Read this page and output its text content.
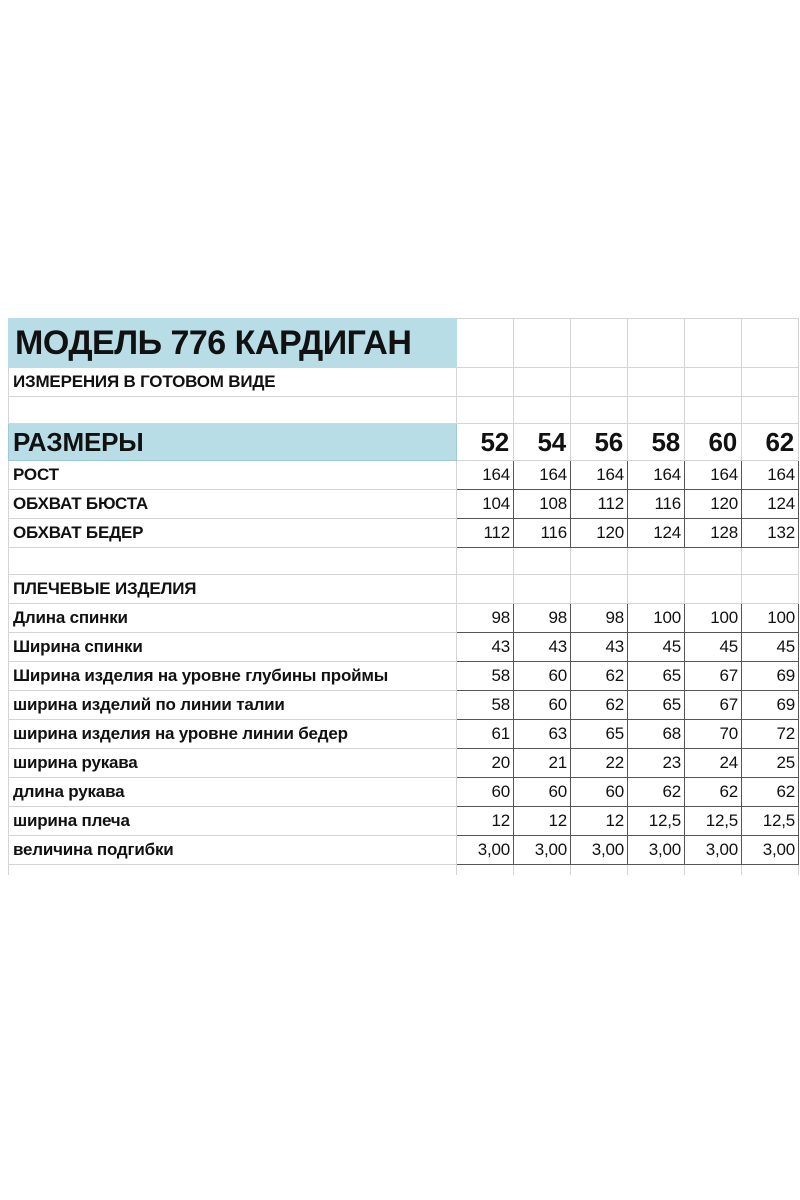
МОДЕЛЬ 776 КАРДИГАН						
ИЗМЕРЕНИЯ В ГОТОВОМ ВИДЕ						

РАЗМЕРЫ	52	54	56	58	60	62
РОСТ	164	164	164	164	164	164
ОБХВАТ БЮСТА	104	108	112	116	120	124
ОБХВАТ БЕДЕР	112	116	120	124	128	132

ПЛЕЧЕВЫЕ ИЗДЕЛИЯ						
Длина спинки	98	98	98	100	100	100
Ширина спинки	43	43	43	45	45	45
Ширина изделия на уровне глубины проймы	58	60	62	65	67	69
ширина изделий по линии талии	58	60	62	65	67	69
ширина изделия на уровне линии бедер	61	63	65	68	70	72
ширина рукава	20	21	22	23	24	25
длина рукава	60	60	60	62	62	62
ширина плеча	12	12	12	12,5	12,5	12,5
величина подгибки	3,00	3,00	3,00	3,00	3,00	3,00
